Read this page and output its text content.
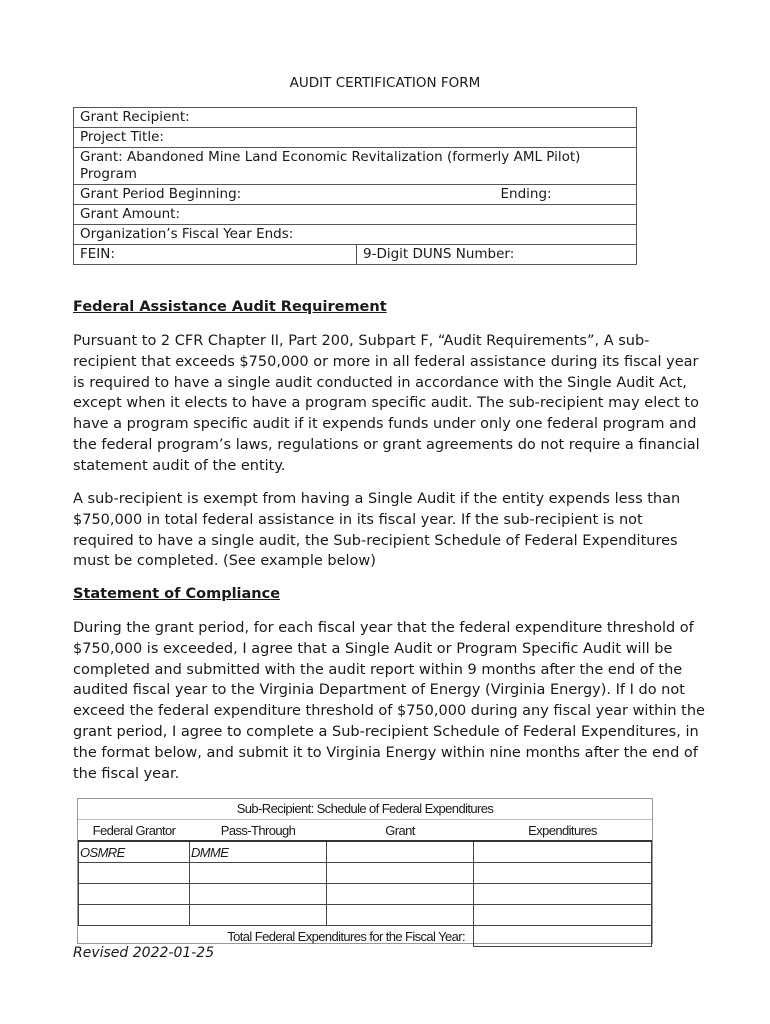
AUDIT CERTIFICATION FORM
Grant Recipient:
Project Title:
Grant: Abandoned Mine Land Economic Revitalization (formerly AML Pilot) Program
Grant Period Beginning:	Ending:

Grant Amount:
Organization’s Fiscal Year Ends:
FEIN:	9-Digit DUNS Number:
Federal Assistance Audit Requirement
Pursuant to 2 CFR Chapter II, Part 200, Subpart F, “Audit Requirements”, A sub-recipient that exceeds $750,000 or more in all federal assistance during its fiscal year is required to have a single audit conducted in accordance with the Single Audit Act, except when it elects to have a program specific audit. The sub-recipient may elect to have a program specific audit if it expends funds under only one federal program and the federal program’s laws, regulations or grant agreements do not require a financial statement audit of the entity.
A sub-recipient is exempt from having a Single Audit if the entity expends less than $750,000 in total federal assistance in its fiscal year. If the sub-recipient is not required to have a single audit, the Sub-recipient Schedule of Federal Expenditures must be completed. (See example below)
Statement of Compliance
During the grant period, for each fiscal year that the federal expenditure threshold of $750,000 is exceeded, I agree that a Single Audit or Program Specific Audit will be completed and submitted with the audit report within 9 months after the end of the audited fiscal year to the Virginia Department of Energy (Virginia Energy). If I do not exceed the federal expenditure threshold of $750,000 during any fiscal year within the grant period, I agree to complete a Sub-recipient Schedule of Federal Expenditures, in the format below, and submit it to Virginia Energy within nine months after the end of the fiscal year.
Sub-Recipient: Schedule of Federal Expenditures
Federal Grantor	Pass-Through	Grant	Expenditures
OSMRE	DMME		

Total Federal Expenditures for the Fiscal Year:			
Revised 2022-01-25
